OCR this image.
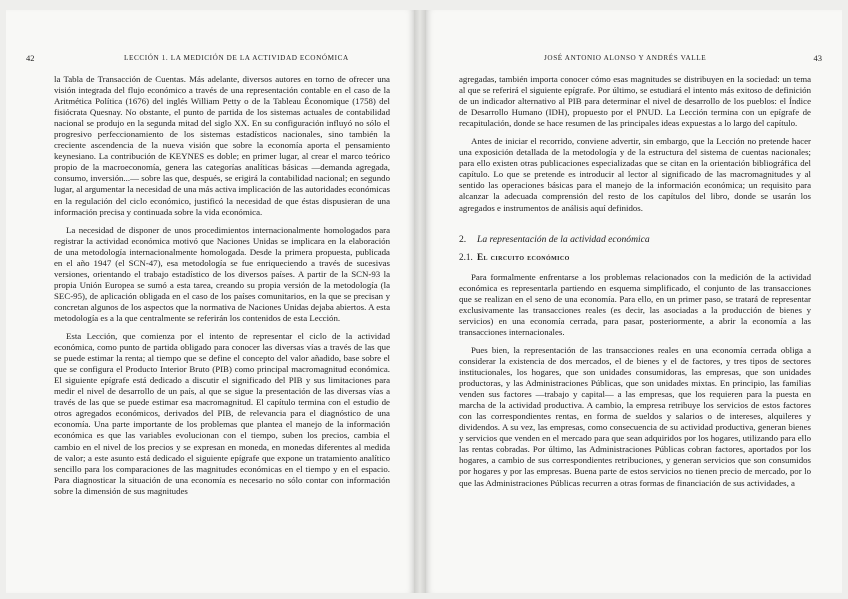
42	LECCIÓN 1. LA MEDICIÓN DE LA ACTIVIDAD ECONÓMICA

la Tabla de Transacción de Cuentas. Más adelante, diversos autores en torno de ofrecer una visión integrada del flujo económico a través de una representación contable en el caso de la Aritmética Política (1676) del inglés William Petty o de la Tableau Économique (1758) del fisiócrata Quesnay. No obstante, el punto de partida de los sistemas actuales de contabilidad nacional se produjo en la segunda mitad del siglo XX. En su configuración influyó no sólo el progresivo perfeccionamiento de los sistemas estadísticos nacionales, sino también la creciente ascendencia de la nueva visión que sobre la economía aporta el pensamiento keynesiano. La contribución de KEYNES es doble; en primer lugar, al crear el marco teórico propio de la macroeconomía, genera las categorías analíticas básicas —demanda agregada, consumo, inversión...— sobre las que, después, se erigirá la contabilidad nacional; en segundo lugar, al argumentar la necesidad de una más activa implicación de las autoridades económicas en la regulación del ciclo económico, justificó la necesidad de que éstas dispusieran de una información precisa y continuada sobre la vida económica.

La necesidad de disponer de unos procedimientos internacionalmente homologados para registrar la actividad económica motivó que Naciones Unidas se implicara en la elaboración de una metodología internacionalmente homologada. Desde la primera propuesta, publicada en el año 1947 (el SCN-47), esa metodología se fue enriqueciendo a través de sucesivas versiones, orientando el trabajo estadístico de los diversos países. A partir de la SCN-93 la propia Unión Europea se sumó a esta tarea, creando su propia versión de la metodología (la SEC-95), de aplicación obligada en el caso de los países comunitarios, en la que se precisan y concretan algunos de los aspectos que la normativa de Naciones Unidas dejaba abiertos. A esta metodología es a la que centralmente se referirán los contenidos de esta Lección.

Esta Lección, que comienza por el intento de representar el ciclo de la actividad económica, como punto de partida obligado para conocer las diversas vías a través de las que se puede estimar la renta; al tiempo que se define el concepto del valor añadido, base sobre el que se configura el Producto Interior Bruto (PIB) como principal macromagnitud económica. El siguiente epígrafe está dedicado a discutir el significado del PIB y sus limitaciones para medir el nivel de desarrollo de un país, al que se sigue la presentación de las diversas vías a través de las que se puede estimar esa macromagnitud. El capítulo termina con el estudio de otros agregados económicos, derivados del PIB, de relevancia para el diagnóstico de una economía. Una parte importante de los problemas que plantea el manejo de la información económica es que las variables evolucionan con el tiempo, suben los precios, cambia el cambio en el nivel de los precios y se expresan en moneda, en monedas diferentes al medida de valor; a este asunto está dedicado el siguiente epígrafe que expone un tratamiento analítico sencillo para los comparaciones de las magnitudes económicas en el tiempo y en el espacio. Para diagnosticar la situación de una economía es necesario no sólo contar con información sobre la dimensión de sus magnitudes

JOSÉ ANTONIO ALONSO Y ANDRÉS VALLE	43

agregadas, también importa conocer cómo esas magnitudes se distribuyen en la sociedad: un tema al que se referirá el siguiente epígrafe. Por último, se estudiará el intento más exitoso de definición de un indicador alternativo al PIB para determinar el nivel de desarrollo de los pueblos: el Índice de Desarrollo Humano (IDH), propuesto por el PNUD. La Lección termina con un epígrafe de recapitulación, donde se hace resumen de las principales ideas expuestas a lo largo del capítulo.

Antes de iniciar el recorrido, conviene advertir, sin embargo, que la Lección no pretende hacer una exposición detallada de la metodología y de la estructura del sistema de cuentas nacionales; para ello existen otras publicaciones especializadas que se citan en la orientación bibliográfica del capítulo. Lo que se pretende es introducir al lector al significado de las macromagnitudes y al sentido las operaciones básicas para el manejo de la información económica; un requisito para alcanzar la adecuada comprensión del resto de los capítulos del libro, donde se usarán los agregados e instrumentos de análisis aquí definidos.

2. La representación de la actividad económica
2.1. El circuito económico

Para formalmente enfrentarse a los problemas relacionados con la medición de la actividad económica es representarla partiendo en esquema simplificado, el conjunto de las transacciones que se realizan en el seno de una economía. Para ello, en un primer paso, se tratará de representar exclusivamente las transacciones reales (es decir, las asociadas a la producción de bienes y servicios) en una economía cerrada, para pasar, posteriormente, a abrir la economía a las transacciones internacionales.

Pues bien, la representación de las transacciones reales en una economía cerrada obliga a considerar la existencia de dos mercados, el de bienes y el de factores, y tres tipos de sectores institucionales, los hogares, que son unidades consumidoras, las empresas, que son unidades productoras, y las Administraciones Públicas, que son unidades mixtas. En principio, las familias venden sus factores —trabajo y capital— a las empresas, que los requieren para la puesta en marcha de la actividad productiva. A cambio, la empresa retribuye los servicios de estos factores con las correspondientes rentas, en forma de sueldos y salarios o de intereses, alquileres y dividendos. A su vez, las empresas, como consecuencia de su actividad productiva, generan bienes y servicios que venden en el mercado para que sean adquiridos por los hogares, utilizando para ello las rentas cobradas. Por último, las Administraciones Públicas cobran factores, aportados por los hogares, a cambio de sus correspondientes retribuciones, y generan servicios que son consumidos por hogares y por las empresas. Buena parte de estos servicios no tienen precio de mercado, por lo que las Administraciones Públicas recurren a otras formas de financiación de sus actividades, a
